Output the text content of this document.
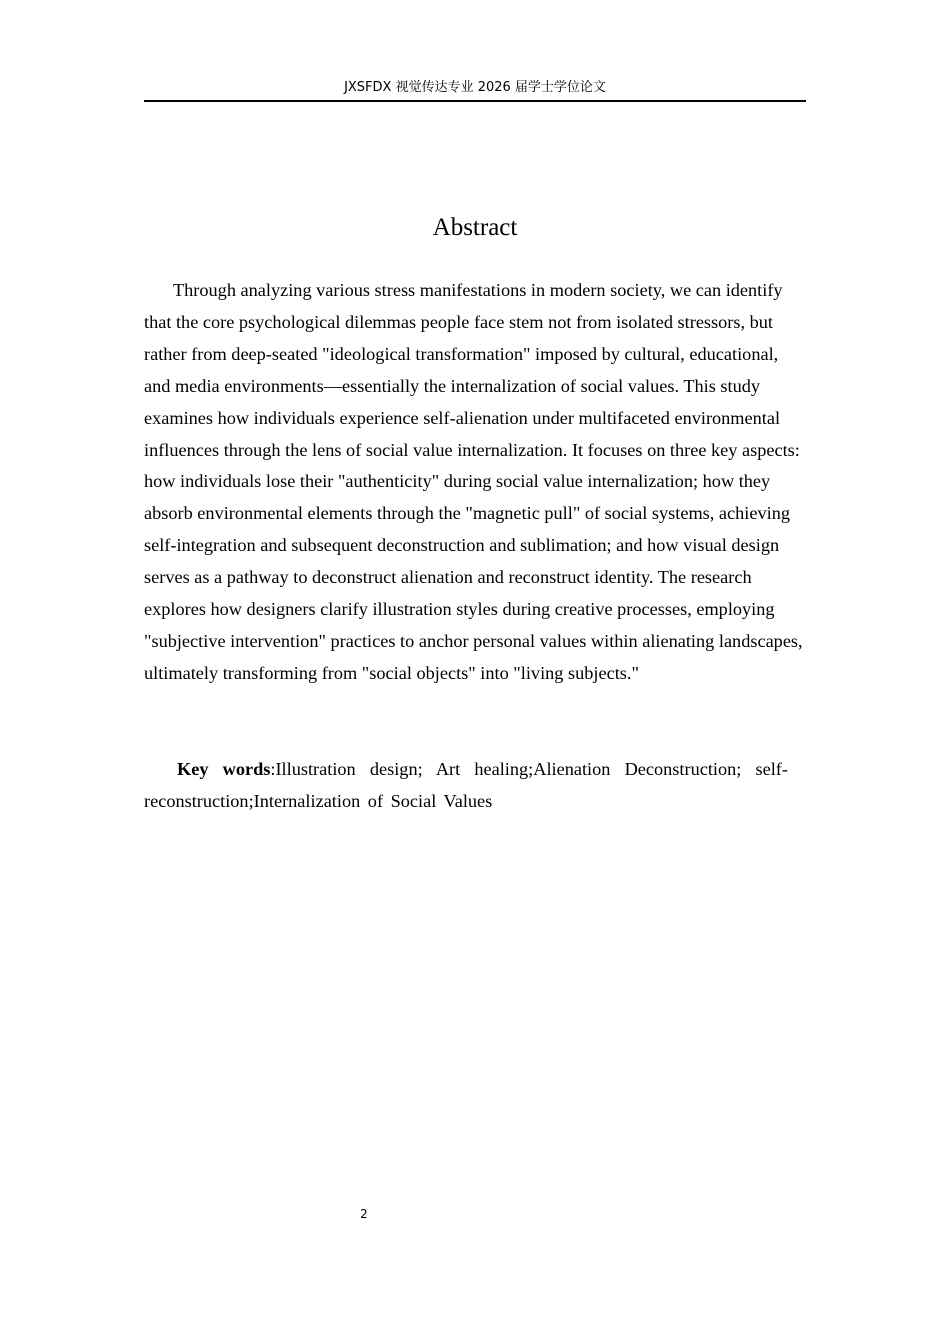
JXSFDX 视觉传达专业 2026 届学士学位论文
Abstract

Through analyzing various stress manifestations in modern society, we can identify that the core psychological dilemmas people face stem not from isolated stressors, but rather from deep-seated "ideological transformation" imposed by cultural, educational, and media environments—essentially the internalization of social values. This study examines how individuals experience self-alienation under multifaceted environmental influences through the lens of social value internalization. It focuses on three key aspects: how individuals lose their "authenticity" during social value internalization; how they absorb environmental elements through the "magnetic pull" of social systems, achieving self-integration and subsequent deconstruction and sublimation; and how visual design serves as a pathway to deconstruct alienation and reconstruct identity. The research explores how designers clarify illustration styles during creative processes, employing "subjective intervention" practices to anchor personal values within alienating landscapes, ultimately transforming from "social objects" into "living subjects."

Key words:Illustration design; Art healing;Alienation Deconstruction; self-reconstruction;Internalization of Social Values

2
